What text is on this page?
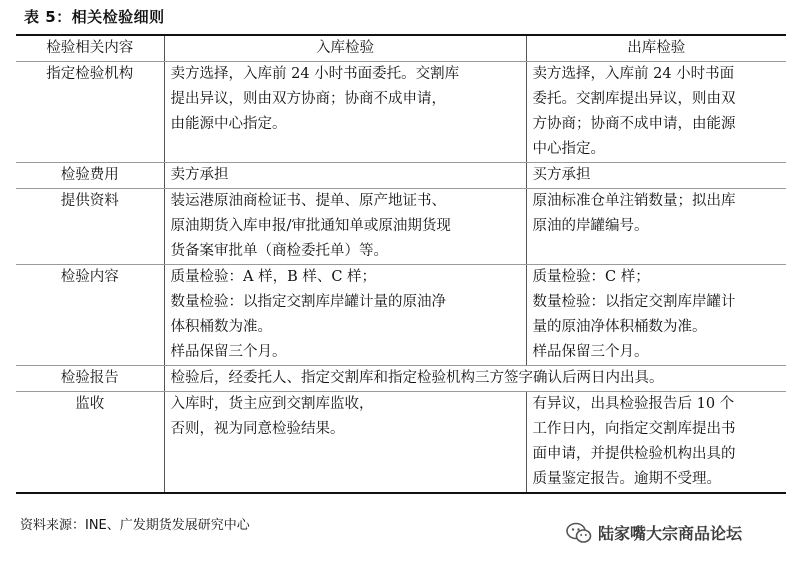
表 5：相关检验细则
检验相关内容	入库检验	出库检验
指定检验机构	卖方选择，入库前 24 小时书面委托。交割库
提出异议，则由双方协商；协商不成申请，
由能源中心指定。	卖方选择，入库前 24 小时书面
委托。交割库提出异议，则由双
方协商；协商不成申请，由能源
中心指定。

检验费用	卖方承担	买方承担

提供资料	装运港原油商检证书、提单、原产地证书、
原油期货入库申报/审批通知单或原油期货现
货备案审批单（商检委托单）等。	原油标准仓单注销数量；拟出库
原油的岸罐编号。

检验内容	质量检验：A 样，B 样、C 样；
数量检验：以指定交割库岸罐计量的原油净
体积桶数为准。
样品保留三个月。	质量检验：C 样；
数量检验：以指定交割库岸罐计
量的原油净体积桶数为准。
样品保留三个月。

检验报告	检验后，经委托人、指定交割库和指定检验机构三方签字确认后两日内出具。	
监收	入库时，货主应到交割库监收，
否则，视为同意检验结果。	有异议，出具检验报告后 10 个
工作日内，向指定交割库提出书
面申请，并提供检验机构出具的
质量鉴定报告。逾期不受理。
资料来源：INE、广发期货发展研究中心	陆家嘴大宗商品论坛
